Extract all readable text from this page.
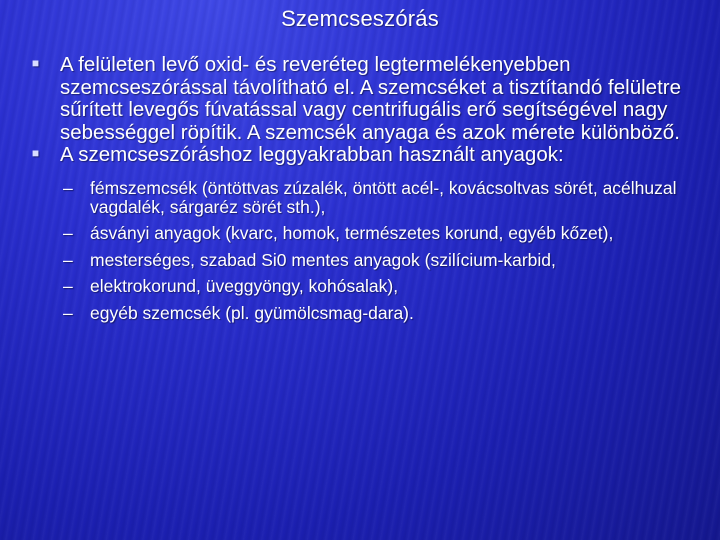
Szemcseszórás
■
A felületen levő oxid- és reveréteg legtermelékenyebben szemcseszórással távolítható el. A szemcséket a tisztítandó felületre sűrített levegős fúvatással vagy centrifugális erő segítségével nagy sebességgel röpítik. A szemcsék anyaga és azok mérete különböző.
■
A szemcseszóráshoz leggyakrabban használt anyagok:
– fémszemcsék (öntöttvas zúzalék, öntött acél-, kovácsoltvas sörét, acélhuzal vagdalék, sárgaréz sörét sth.),
– ásványi anyagok (kvarc, homok, természetes korund, egyéb kőzet),
– mesterséges, szabad Si0 mentes anyagok (szilícium-karbid,
– elektrokorund, üveggyöngy, kohósalak),
– egyéb szemcsék (pl. gyümölcsmag-dara).
